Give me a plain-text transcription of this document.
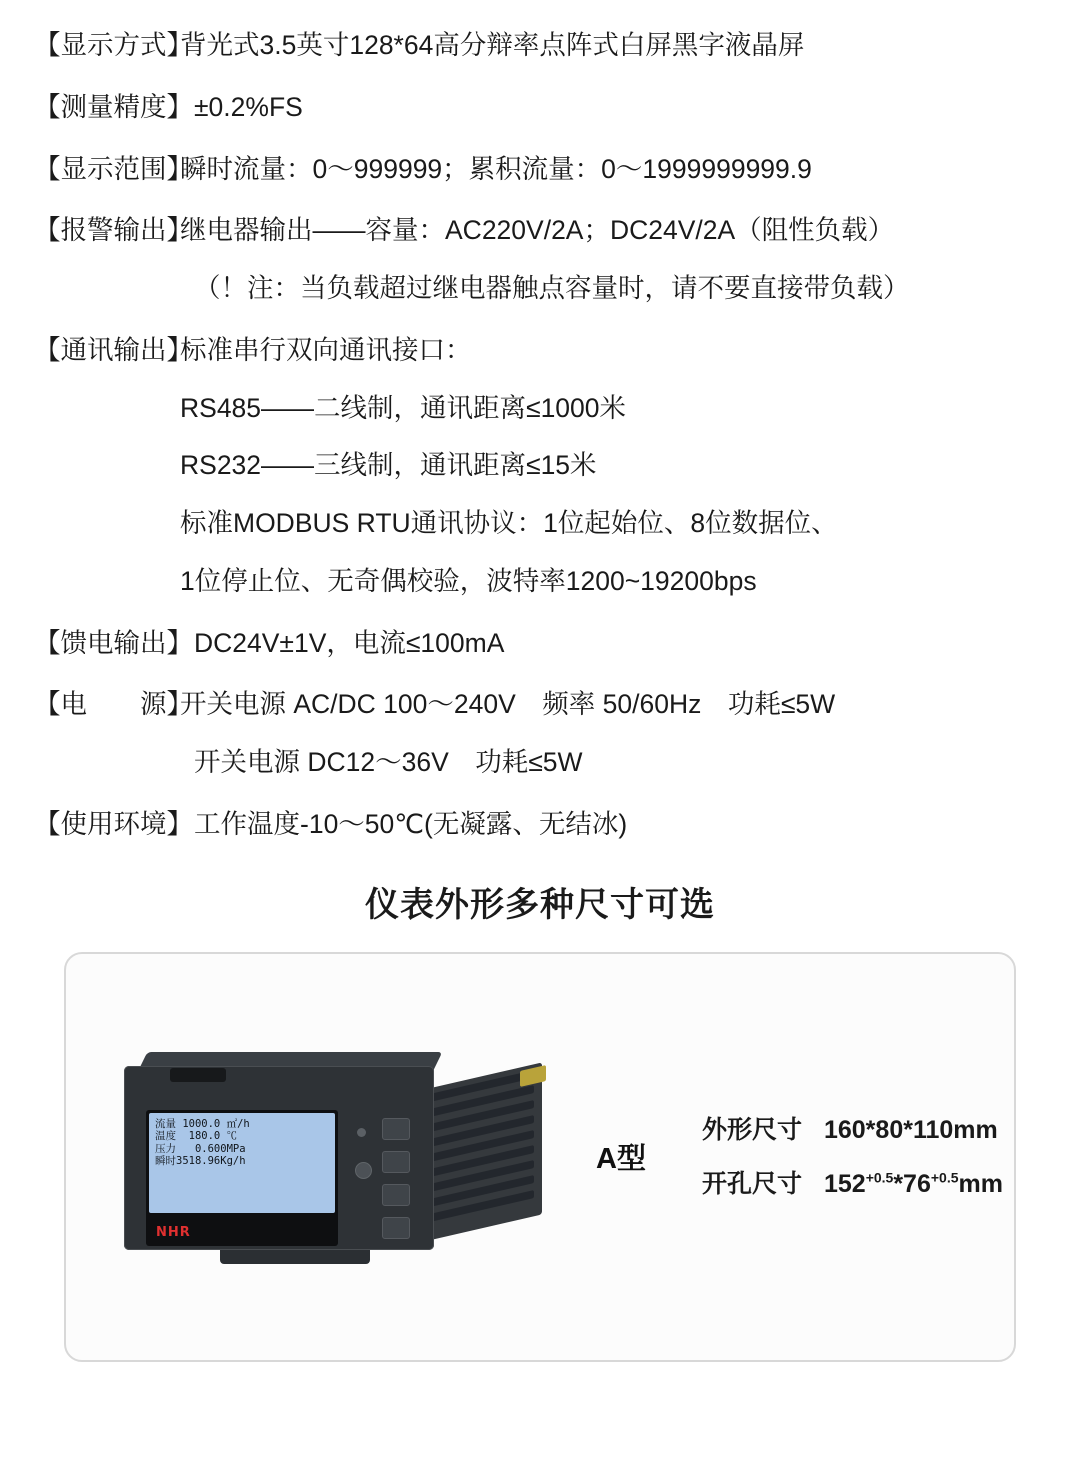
【显示方式】
背光式3.5英寸128*64高分辩率点阵式白屏黑字液晶屏
【测量精度】 ±0.2%FS
【显示范围】
瞬时流量：0～999999；累积流量：0～1999999999.9
【报警输出】
继电器输出——容量：AC220V/2A；DC24V/2A（阻性负载）
（！注：当负载超过继电器触点容量时，请不要直接带负载）
【通讯输出】
标准串行双向通讯接口：
RS485——二线制，通讯距离≤1000米
RS232——三线制，通讯距离≤15米
标准MODBUS RTU通讯协议：1位起始位、8位数据位、
1位停止位、无奇偶校验，波特率1200~19200bps
【馈电输出】 DC24V±1V，电流≤100mA
【电　　源】
开关电源 AC/DC 100～240V　频率 50/60Hz　功耗≤5W
开关电源 DC12～36V　功耗≤5W
【使用环境】 工作温度-10～50℃(无凝露、无结冰)
仪表外形多种尺寸可选
流量 1000.0 ㎡/h
温度  180.0 ℃
压力   0.600MPa
瞬时3518.96Kg/h
NHR
A型
外形尺寸 160*80*110mm
开孔尺寸 $152^{+0.5}*76^{+0.5}mm$
